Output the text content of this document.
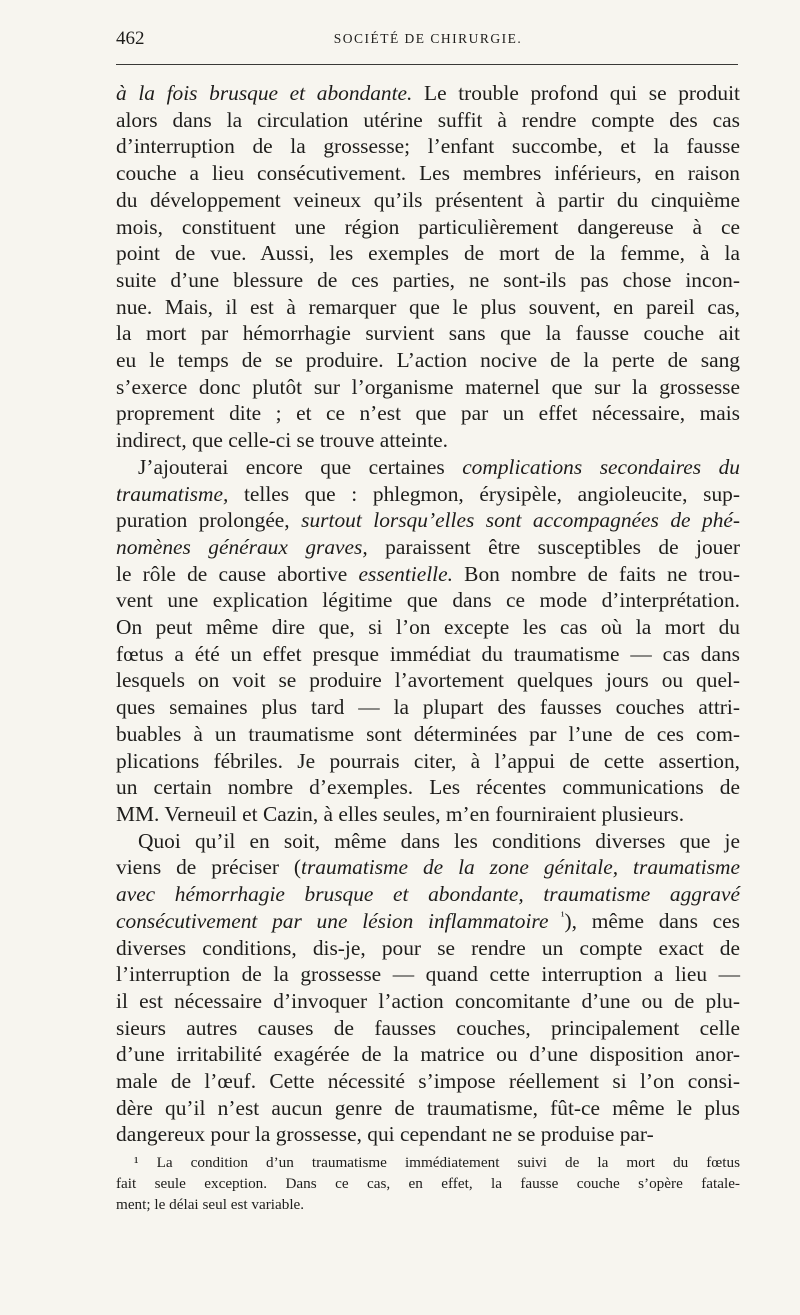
462	SOCIÉTÉ DE CHIRURGIE.

à la fois brusque et abondante. Le trouble profond qui se produit
alors dans la circulation utérine suffit à rendre compte des cas
d’interruption de la grossesse; l’enfant succombe, et la fausse
couche a lieu consécutivement. Les membres inférieurs, en raison
du développement veineux qu’ils présentent à partir du cinquième
mois, constituent une région particulièrement dangereuse à ce
point de vue. Aussi, les exemples de mort de la femme, à la
suite d’une blessure de ces parties, ne sont-ils pas chose incon-
nue. Mais, il est à remarquer que le plus souvent, en pareil cas,
la mort par hémorrhagie survient sans que la fausse couche ait
eu le temps de se produire. L’action nocive de la perte de sang
s’exerce donc plutôt sur l’organisme maternel que sur la grossesse
proprement dite ; et ce n’est que par un effet nécessaire, mais
indirect, que celle-ci se trouve atteinte.

J’ajouterai encore que certaines complications secondaires du
traumatisme, telles que : phlegmon, érysipèle, angioleucite, sup-
puration prolongée, surtout lorsqu’elles sont accompagnées de phé-
nomènes généraux graves, paraissent être susceptibles de jouer
le rôle de cause abortive essentielle. Bon nombre de faits ne trou-
vent une explication légitime que dans ce mode d’interprétation.
On peut même dire que, si l’on excepte les cas où la mort du
fœtus a été un effet presque immédiat du traumatisme — cas dans
lesquels on voit se produire l’avortement quelques jours ou quel-
ques semaines plus tard — la plupart des fausses couches attri-
buables à un traumatisme sont déterminées par l’une de ces com-
plications fébriles. Je pourrais citer, à l’appui de cette assertion,
un certain nombre d’exemples. Les récentes communications de
MM. Verneuil et Cazin, à elles seules, m’en fourniraient plusieurs.

Quoi qu’il en soit, même dans les conditions diverses que je
viens de préciser (traumatisme de la zone génitale, traumatisme
avec hémorrhagie brusque et abondante, traumatisme aggravé
consécutivement par une lésion inflammatoire $^{^1}$), même dans ces
diverses conditions, dis-je, pour se rendre un compte exact de
l’interruption de la grossesse — quand cette interruption a lieu —
il est nécessaire d’invoquer l’action concomitante d’une ou de plu-
sieurs autres causes de fausses couches, principalement celle
d’une irritabilité exagérée de la matrice ou d’une disposition anor-
male de l’œuf. Cette nécessité s’impose réellement si l’on consi-
dère qu’il n’est aucun genre de traumatisme, fût-ce même le plus
dangereux pour la grossesse, qui cependant ne se produise par-

¹ La condition d’un traumatisme immédiatement suivi de la mort du fœtus
fait seule exception. Dans ce cas, en effet, la fausse couche s’opère fatale-
ment; le délai seul est variable.
